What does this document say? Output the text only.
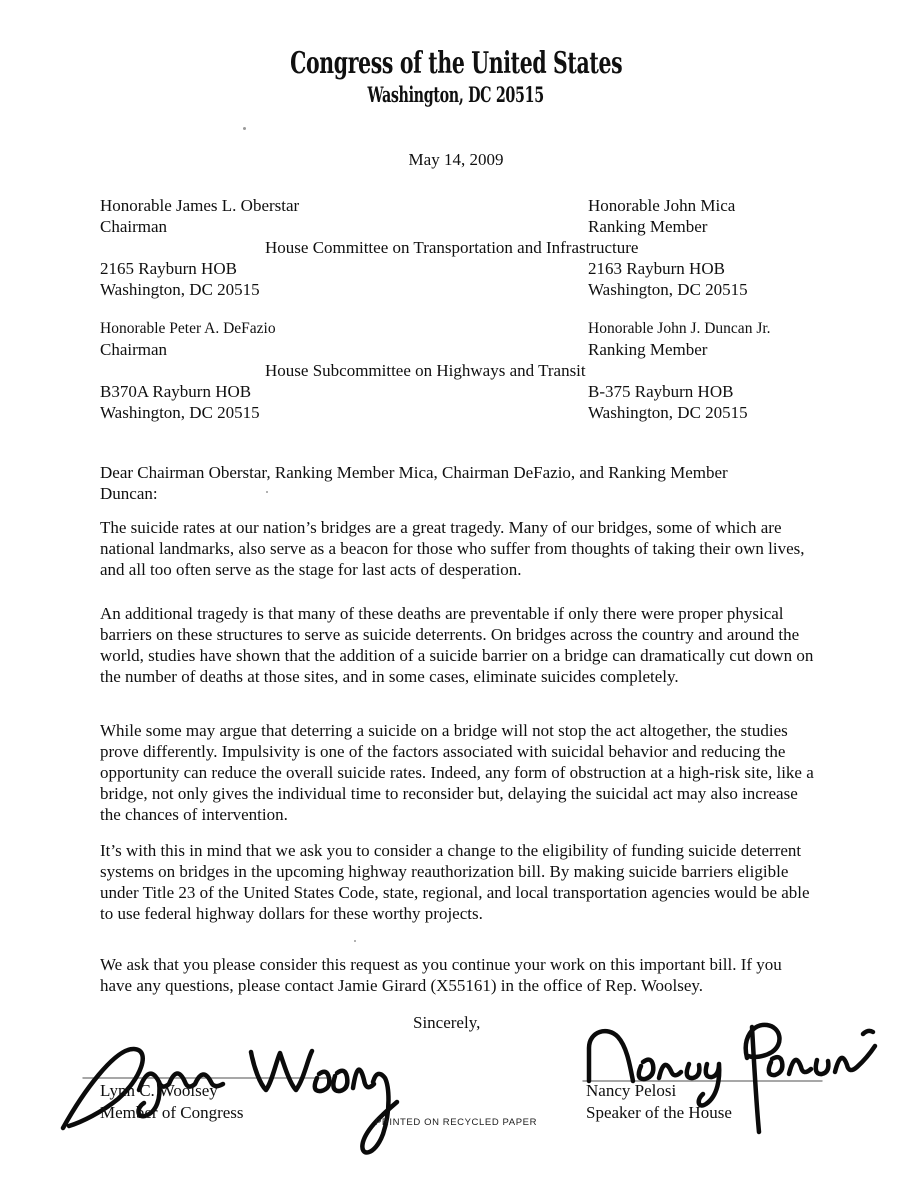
Congress of the United States
Washington, DC 20515
May 14, 2009
Honorable James L. Oberstar	Honorable John Mica
Chairman	Ranking Member
House Committee on Transportation and Infrastructure
2165 Rayburn HOB	2163 Rayburn HOB
Washington, DC 20515	Washington, DC 20515
Honorable Peter A. DeFazio	Honorable John J. Duncan Jr.
Chairman	Ranking Member
House Subcommittee on Highways and Transit
B370A Rayburn HOB	B-375 Rayburn HOB
Washington, DC 20515	Washington, DC 20515
Dear Chairman Oberstar, Ranking Member Mica, Chairman DeFazio, and Ranking Member
Duncan:
The suicide rates at our nation’s bridges are a great tragedy. Many of our bridges, some of which are national landmarks, also serve as a beacon for those who suffer from thoughts of taking their own lives, and all too often serve as the stage for last acts of desperation.
An additional tragedy is that many of these deaths are preventable if only there were proper physical barriers on these structures to serve as suicide deterrents. On bridges across the country and around the world, studies have shown that the addition of a suicide barrier on a bridge can dramatically cut down on the number of deaths at those sites, and in some cases, eliminate suicides completely.
While some may argue that deterring a suicide on a bridge will not stop the act altogether, the studies prove differently. Impulsivity is one of the factors associated with suicidal behavior and reducing the opportunity can reduce the overall suicide rates. Indeed, any form of obstruction at a high-risk site, like a bridge, not only gives the individual time to reconsider but, delaying the suicidal act may also increase the chances of intervention.
It’s with this in mind that we ask you to consider a change to the eligibility of funding suicide deterrent systems on bridges in the upcoming highway reauthorization bill. By making suicide barriers eligible under Title 23 of the United States Code, state, regional, and local transportation agencies would be able to use federal highway dollars for these worthy projects.
We ask that you please consider this request as you continue your work on this important bill. If you have any questions, please contact Jamie Girard (X55161) in the office of Rep. Woolsey.
Sincerely,
Lynn C. Woolsey
Member of Congress
Nancy Pelosi
Speaker of the House
PRINTED ON RECYCLED PAPER
